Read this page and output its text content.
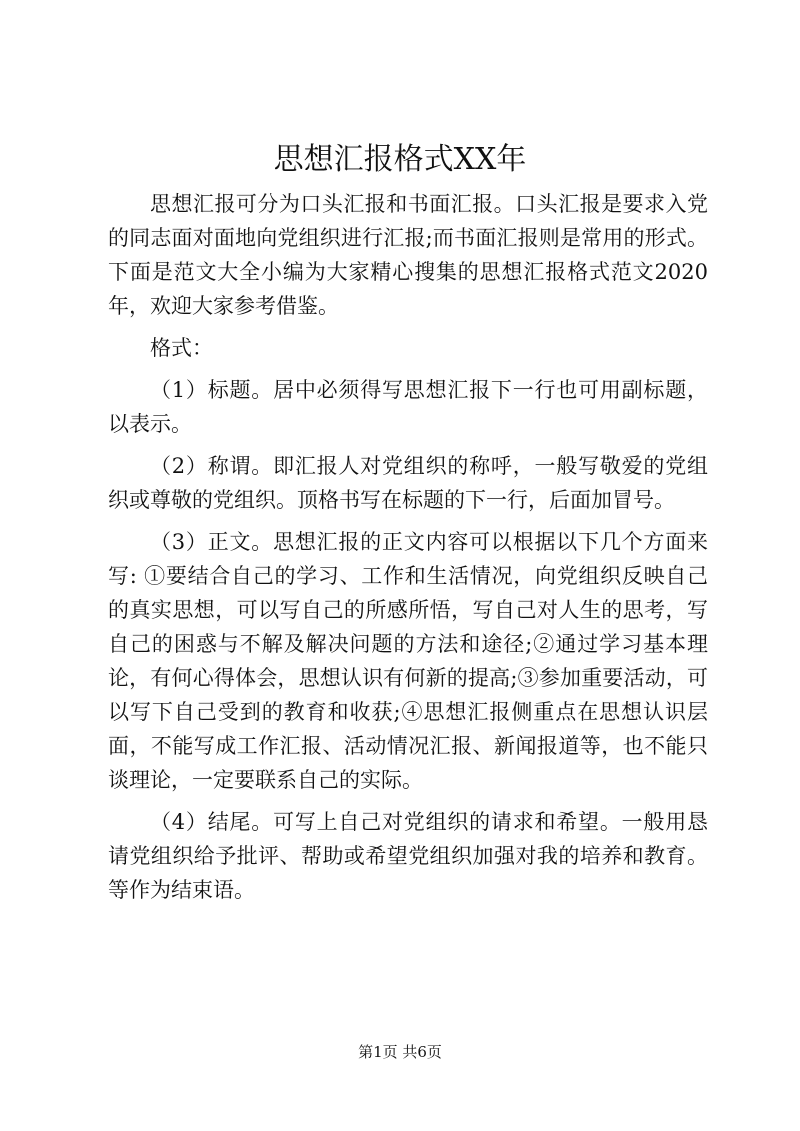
思想汇报格式XX年

思想汇报可分为口头汇报和书面汇报。口头汇报是要求入党的同志面对面地向党组织进行汇报;而书面汇报则是常用的形式。下面是范文大全小编为大家精心搜集的思想汇报格式范文2020年，欢迎大家参考借鉴。

格式：

（1）标题。居中必须得写思想汇报下一行也可用副标题，以表示。

（2）称谓。即汇报人对党组织的称呼，一般写敬爱的党组织或尊敬的党组织。顶格书写在标题的下一行，后面加冒号。

（3）正文。思想汇报的正文内容可以根据以下几个方面来写: ①要结合自己的学习、工作和生活情况，向党组织反映自己的真实思想，可以写自己的所感所悟，写自己对人生的思考，写自己的困惑与不解及解决问题的方法和途径;②通过学习基本理论，有何心得体会，思想认识有何新的提高;③参加重要活动，可以写下自己受到的教育和收获;④思想汇报侧重点在思想认识层面，不能写成工作汇报、活动情况汇报、新闻报道等，也不能只谈理论，一定要联系自己的实际。

（4）结尾。可写上自己对党组织的请求和希望。一般用恳请党组织给予批评、帮助或希望党组织加强对我的培养和教育。等作为结束语。

第1页 共6页
